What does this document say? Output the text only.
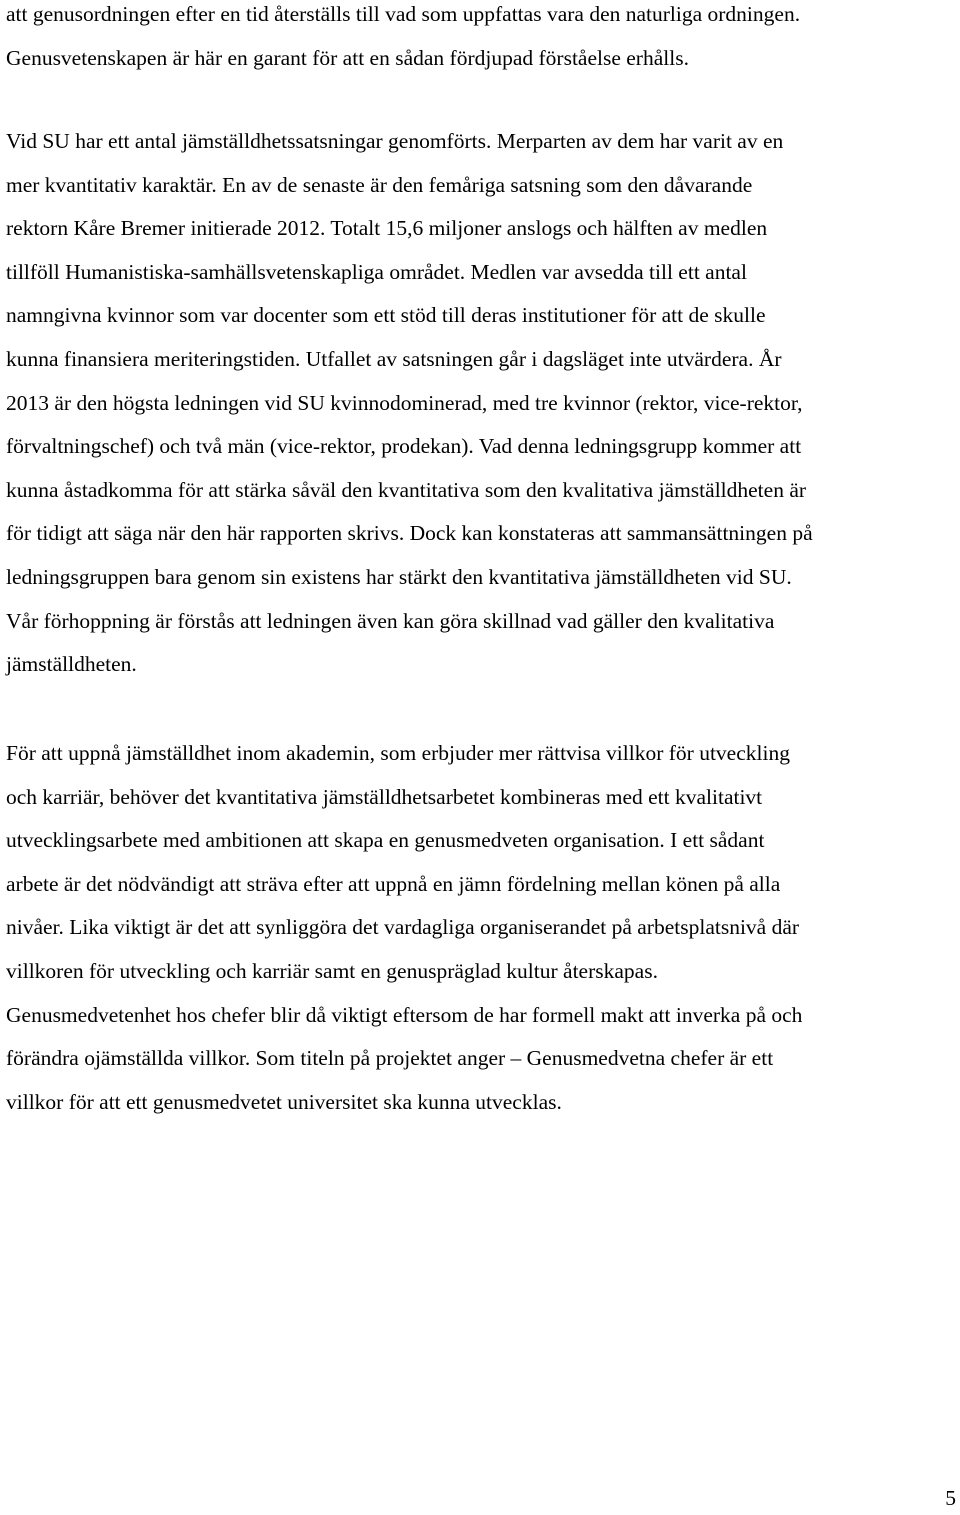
att genusordningen efter en tid återställs till vad som uppfattas vara den naturliga ordningen.
Genusvetenskapen är här en garant för att en sådan fördjupad förståelse erhålls.

Vid SU har ett antal jämställdhetssatsningar genomförts. Merparten av dem har varit av en
mer kvantitativ karaktär. En av de senaste är den femåriga satsning som den dåvarande
rektorn Kåre Bremer initierade 2012. Totalt 15,6 miljoner anslogs och hälften av medlen
tillföll Humanistiska-samhällsvetenskapliga området. Medlen var avsedda till ett antal
namngivna kvinnor som var docenter som ett stöd till deras institutioner för att de skulle
kunna finansiera meriteringstiden. Utfallet av satsningen går i dagsläget inte utvärdera. År
2013 är den högsta ledningen vid SU kvinnodominerad, med tre kvinnor (rektor, vice-rektor,
förvaltningschef) och två män (vice-rektor, prodekan). Vad denna ledningsgrupp kommer att
kunna åstadkomma för att stärka såväl den kvantitativa som den kvalitativa jämställdheten är
för tidigt att säga när den här rapporten skrivs. Dock kan konstateras att sammansättningen på
ledningsgruppen bara genom sin existens har stärkt den kvantitativa jämställdheten vid SU.
Vår förhoppning är förstås att ledningen även kan göra skillnad vad gäller den kvalitativa
jämställdheten.

För att uppnå jämställdhet inom akademin, som erbjuder mer rättvisa villkor för utveckling
och karriär, behöver det kvantitativa jämställdhetsarbetet kombineras med ett kvalitativt
utvecklingsarbete med ambitionen att skapa en genusmedveten organisation. I ett sådant
arbete är det nödvändigt att sträva efter att uppnå en jämn fördelning mellan könen på alla
nivåer. Lika viktigt är det att synliggöra det vardagliga organiserandet på arbetsplatsnivå där
villkoren för utveckling och karriär samt en genuspräglad kultur återskapas.
Genusmedvetenhet hos chefer blir då viktigt eftersom de har formell makt att inverka på och
förändra ojämställda villkor. Som titeln på projektet anger – Genusmedvetna chefer är ett
villkor för att ett genusmedvetet universitet ska kunna utvecklas.

5
